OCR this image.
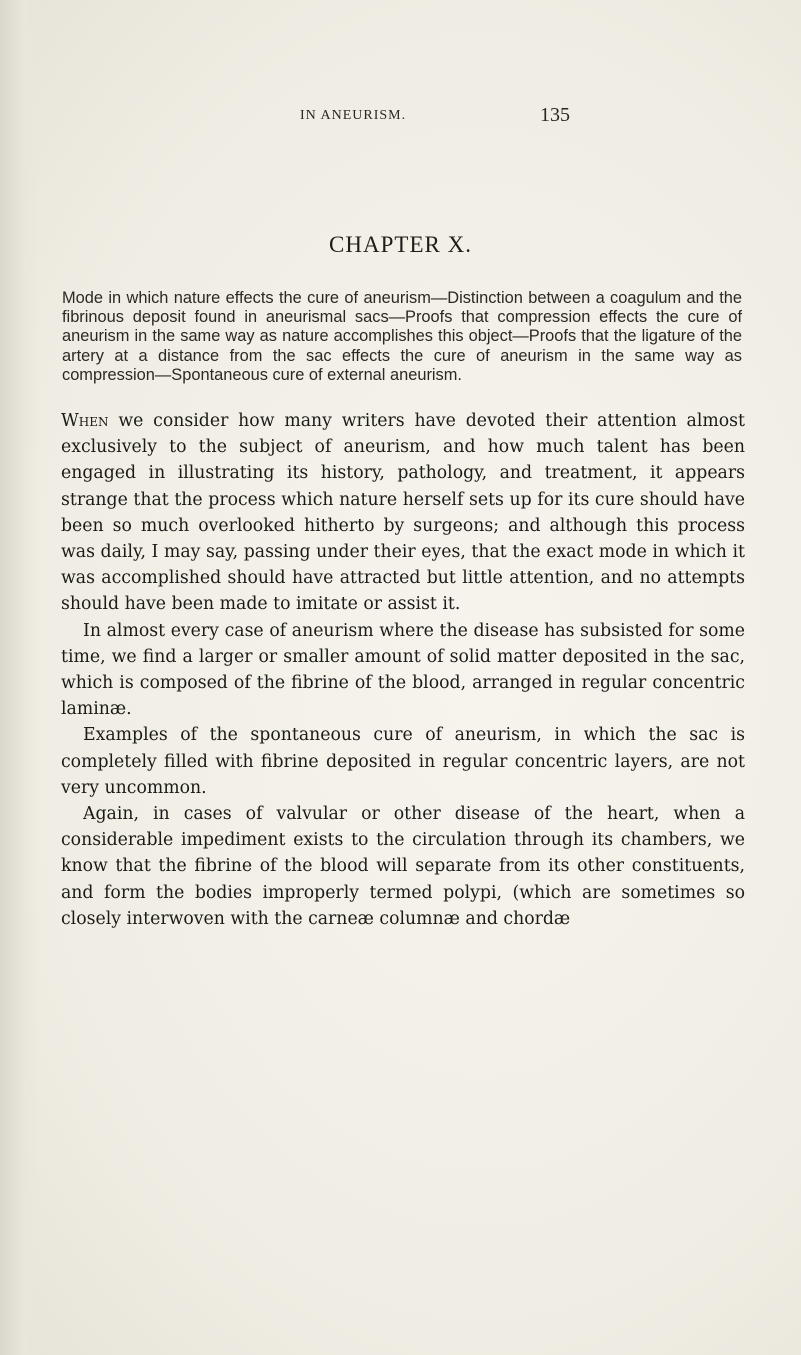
IN ANEURISM.	135
CHAPTER X.
Mode in which nature effects the cure of aneurism—Distinction between a coagulum and the fibrinous deposit found in aneurismal sacs—Proofs that compression effects the cure of aneurism in the same way as nature accomplishes this object—Proofs that the ligature of the artery at a distance from the sac effects the cure of aneurism in the same way as compression—Spontaneous cure of external aneurism.

When we consider how many writers have devoted their attention almost exclusively to the subject of aneurism, and how much talent has been engaged in illustrating its history, pathology, and treatment, it appears strange that the process which nature herself sets up for its cure should have been so much overlooked hitherto by surgeons; and although this process was daily, I may say, passing under their eyes, that the exact mode in which it was accomplished should have attracted but little attention, and no attempts should have been made to imitate or assist it.

In almost every case of aneurism where the disease has subsisted for some time, we find a larger or smaller amount of solid matter deposited in the sac, which is composed of the fibrine of the blood, arranged in regular concentric laminæ.

Examples of the spontaneous cure of aneurism, in which the sac is completely filled with fibrine deposited in regular concentric layers, are not very uncommon.

Again, in cases of valvular or other disease of the heart, when a considerable impediment exists to the circulation through its chambers, we know that the fibrine of the blood will separate from its other constituents, and form the bodies improperly termed polypi, (which are sometimes so closely interwoven with the carneæ columnæ and chordæ
